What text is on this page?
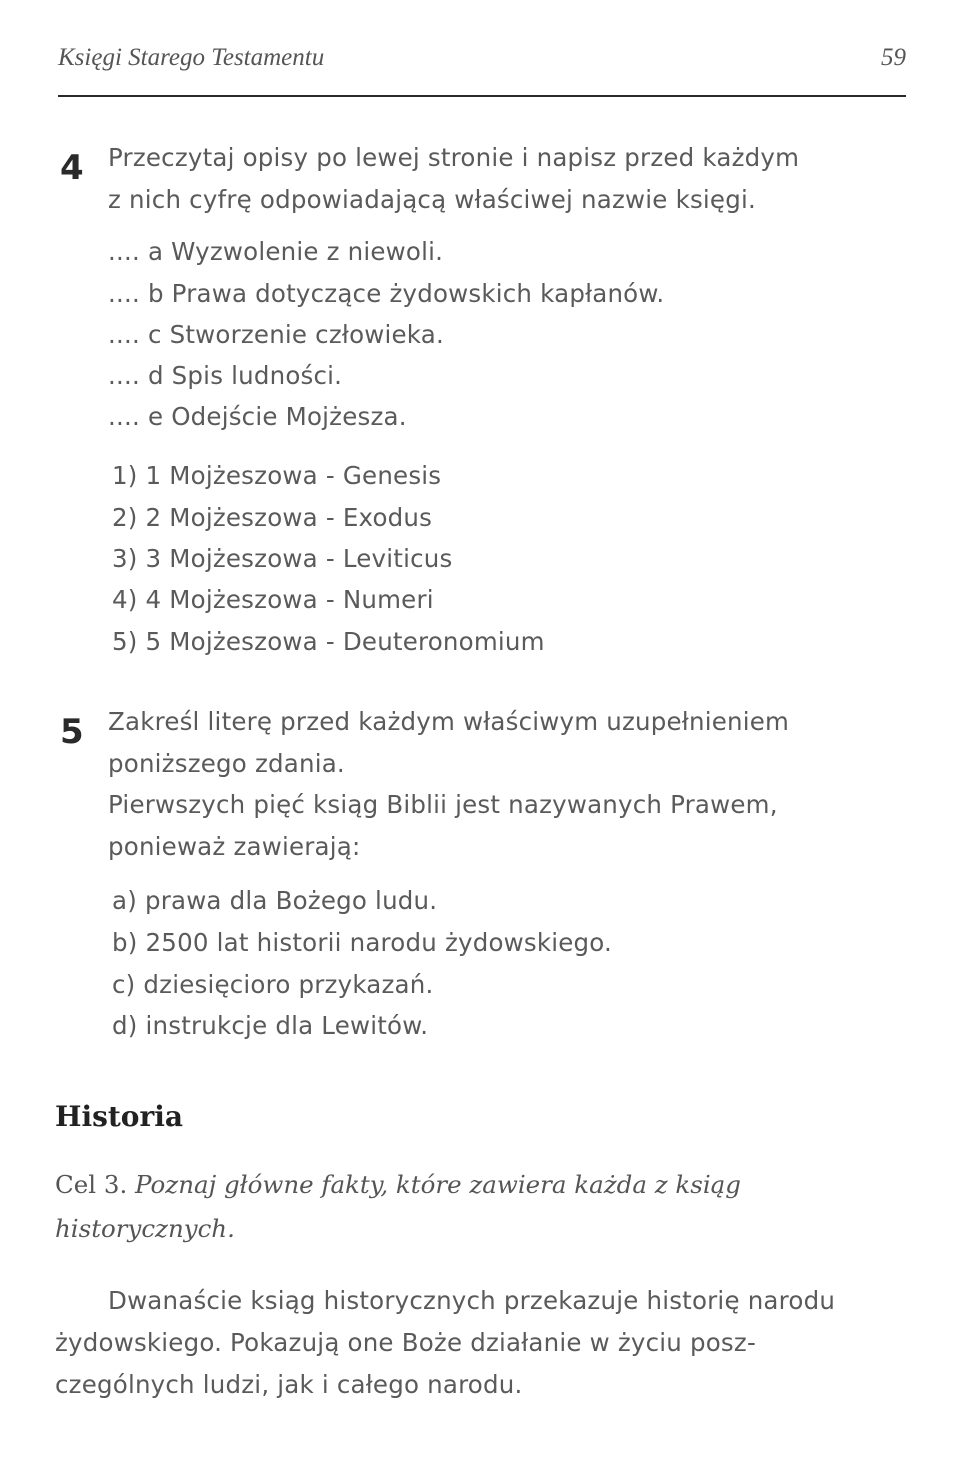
Księgi Starego Testamentu	59
4 Przeczytaj opisy po lewej stronie i napisz przed każdym
z nich cyfrę odpowiadającą właściwej nazwie księgi.
.... a Wyzwolenie z niewoli.
.... b Prawa dotyczące żydowskich kapłanów.
.... c Stworzenie człowieka.
.... d Spis ludności.
.... e Odejście Mojżesza.
1) 1 Mojżeszowa - Genesis
2) 2 Mojżeszowa - Exodus
3) 3 Mojżeszowa - Leviticus
4) 4 Mojżeszowa - Numeri
5) 5 Mojżeszowa - Deuteronomium
5 Zakreśl literę przed każdym właściwym uzupełnieniem
poniższego zdania.
Pierwszych pięć ksiąg Biblii jest nazywanych Prawem,
ponieważ zawierają:
a) prawa dla Bożego ludu.
b) 2500 lat historii narodu żydowskiego.
c) dziesięcioro przykazań.
d) instrukcje dla Lewitów.
Historia
Cel 3. Poznaj główne fakty, które zawiera każda z ksiąg
historycznych.
Dwanaście ksiąg historycznych przekazuje historię narodu
żydowskiego. Pokazują one Boże działanie w życiu posz-
czególnych ludzi, jak i całego narodu.
